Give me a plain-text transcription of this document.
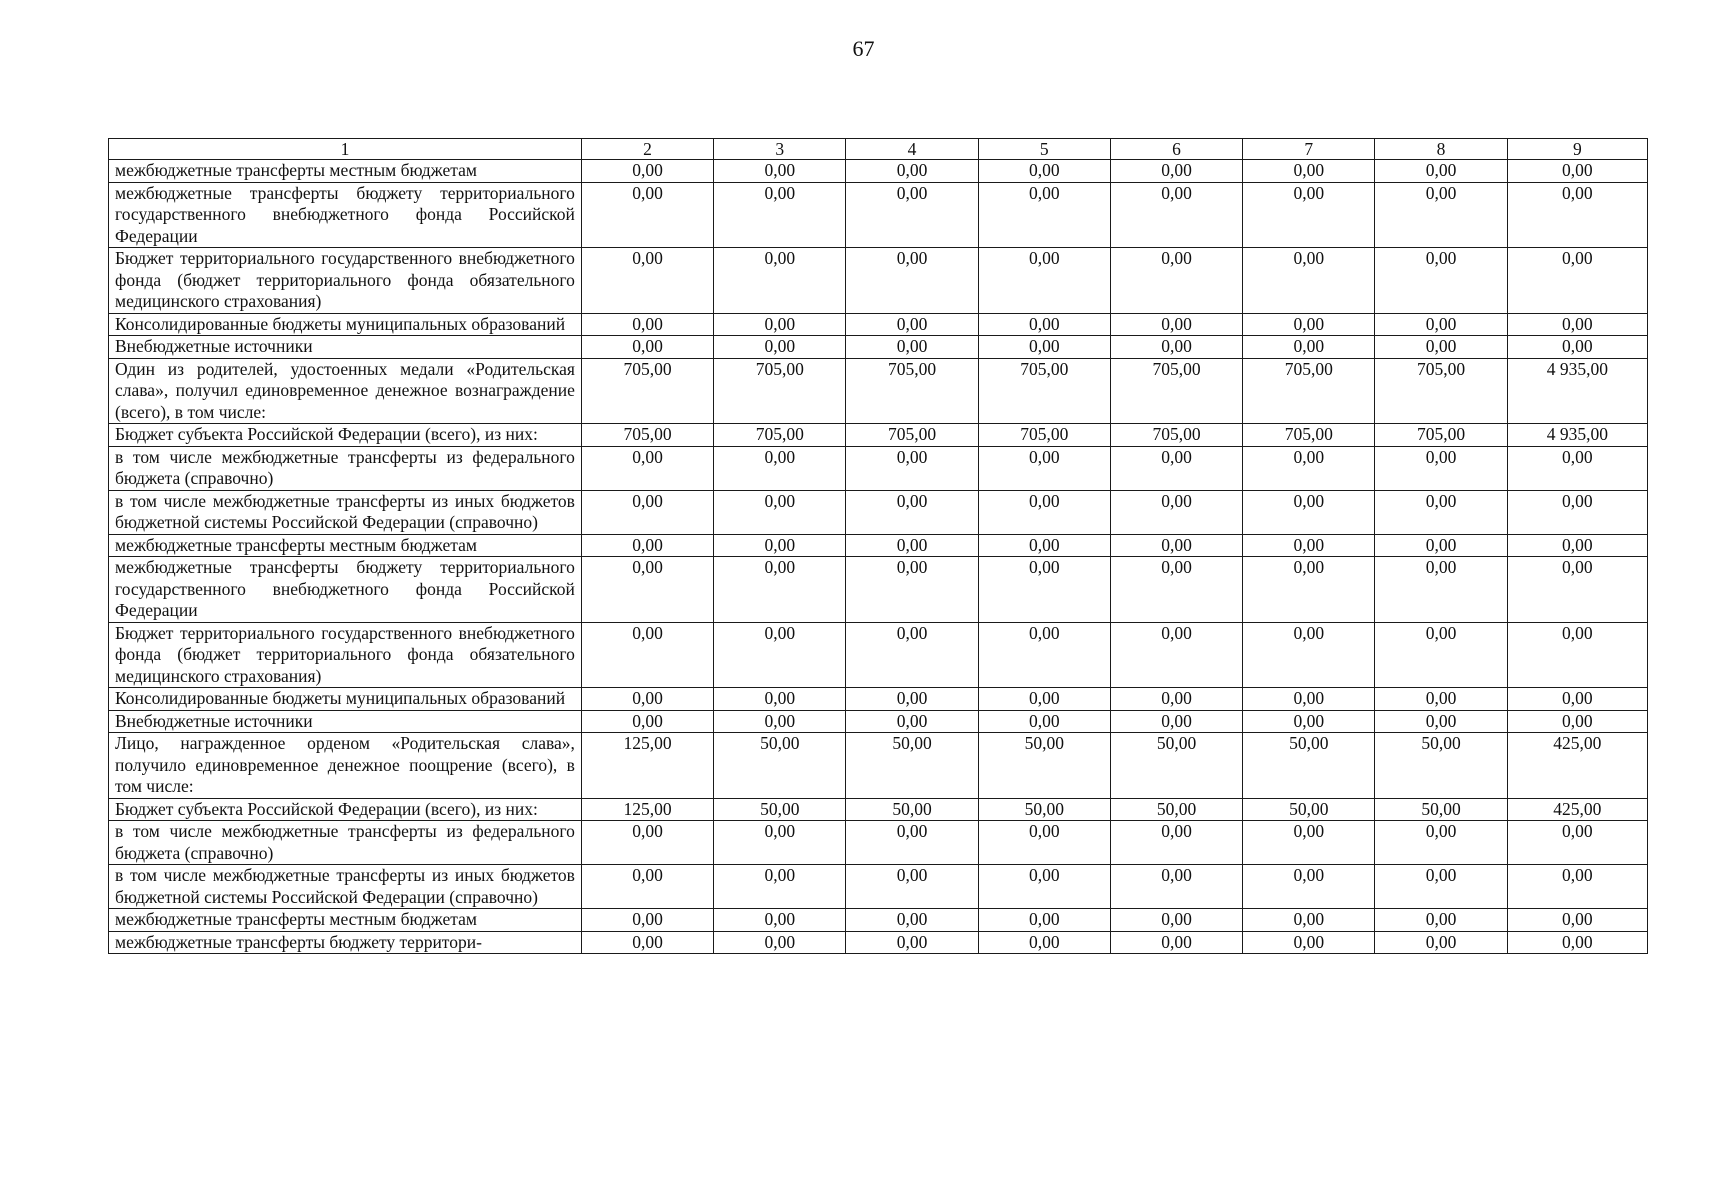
67
1	2	3	4	5	6	7	8	9
межбюджетные трансферты местным бюджетам	0,00	0,00	0,00	0,00	0,00	0,00	0,00	0,00
межбюджетные трансферты бюджету территориального государственного внебюджетного фонда Российской Федерации	0,00	0,00	0,00	0,00	0,00	0,00	0,00	0,00
Бюджет территориального государственного внебюджетного фонда (бюджет территориального фонда обязательного медицинского страхования)	0,00	0,00	0,00	0,00	0,00	0,00	0,00	0,00
Консолидированные бюджеты муниципальных образований	0,00	0,00	0,00	0,00	0,00	0,00	0,00	0,00
Внебюджетные источники	0,00	0,00	0,00	0,00	0,00	0,00	0,00	0,00
Один из родителей, удостоенных медали «Родительская слава», получил единовременное денежное вознаграждение (всего), в том числе:	705,00	705,00	705,00	705,00	705,00	705,00	705,00	4 935,00
Бюджет субъекта Российской Федерации (всего), из них:	705,00	705,00	705,00	705,00	705,00	705,00	705,00	4 935,00
в том числе межбюджетные трансферты из федерального бюджета (справочно)	0,00	0,00	0,00	0,00	0,00	0,00	0,00	0,00
в том числе межбюджетные трансферты из иных бюджетов бюджетной системы Российской Федерации (справочно)	0,00	0,00	0,00	0,00	0,00	0,00	0,00	0,00
межбюджетные трансферты местным бюджетам	0,00	0,00	0,00	0,00	0,00	0,00	0,00	0,00
межбюджетные трансферты бюджету территориального государственного внебюджетного фонда Российской Федерации	0,00	0,00	0,00	0,00	0,00	0,00	0,00	0,00
Бюджет территориального государственного внебюджетного фонда (бюджет территориального фонда обязательного медицинского страхования)	0,00	0,00	0,00	0,00	0,00	0,00	0,00	0,00
Консолидированные бюджеты муниципальных образований	0,00	0,00	0,00	0,00	0,00	0,00	0,00	0,00
Внебюджетные источники	0,00	0,00	0,00	0,00	0,00	0,00	0,00	0,00
Лицо, награжденное орденом «Родительская слава», получило единовременное денежное поощрение (всего), в том числе:	125,00	50,00	50,00	50,00	50,00	50,00	50,00	425,00
Бюджет субъекта Российской Федерации (всего), из них:	125,00	50,00	50,00	50,00	50,00	50,00	50,00	425,00
в том числе межбюджетные трансферты из федерального бюджета (справочно)	0,00	0,00	0,00	0,00	0,00	0,00	0,00	0,00
в том числе межбюджетные трансферты из иных бюджетов бюджетной системы Российской Федерации (справочно)	0,00	0,00	0,00	0,00	0,00	0,00	0,00	0,00
межбюджетные трансферты местным бюджетам	0,00	0,00	0,00	0,00	0,00	0,00	0,00	0,00
межбюджетные трансферты бюджету территори-	0,00	0,00	0,00	0,00	0,00	0,00	0,00	0,00
